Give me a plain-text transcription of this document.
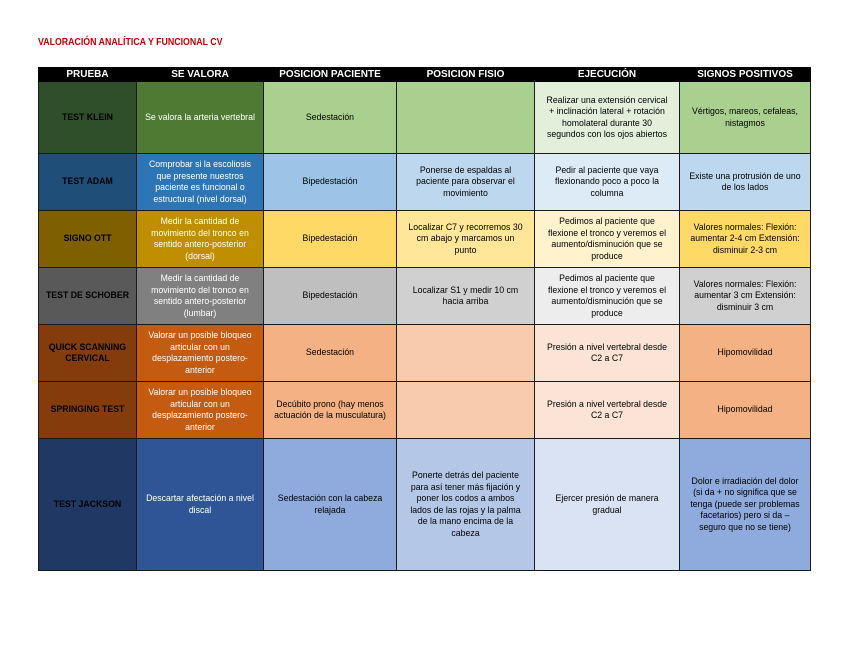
VALORACIÓN ANALÍTICA Y FUNCIONAL CV
PRUEBA	SE VALORA	POSICION PACIENTE	POSICION FISIO	EJECUCIÓN	SIGNOS POSITIVOS

TEST KLEIN	Se valora la arteria vertebral	Sedestación		Realizar una extensión cervical + inclinación lateral + rotación homolateral durante 30 segundos con los ojos abiertos	Vértigos, mareos, cefaleas, nistagmos

TEST ADAM	Comprobar si la escoliosis que presente nuestros paciente es funcional o estructural (nivel dorsal)	Bipedestación	Ponerse de espaldas al paciente para observar el movimiento	Pedir al paciente que vaya flexionando poco a poco la columna	Existe una protrusión de uno de los lados

SIGNO OTT	Medir la cantidad de movimiento del tronco en sentido antero-posterior (dorsal)	Bipedestación	Localizar C7 y recorremos 30 cm abajo y marcamos un punto	Pedimos al paciente que flexione el tronco y veremos el aumento/disminución que se produce	Valores normales: Flexión: aumentar 2-4 cm Extensión: disminuir 2-3 cm

TEST DE SCHOBER	Medir la cantidad de movimiento del tronco en sentido antero-posterior (lumbar)	Bipedestación	Localizar S1 y medir 10 cm hacia arriba	Pedimos al paciente que flexione el tronco y veremos el aumento/disminución que se produce	Valores normales: Flexión: aumentar 3 cm Extensión: disminuir 3 cm

QUICK SCANNING CERVICAL	Valorar un posible bloqueo articular con un desplazamiento postero-anterior	Sedestación		Presión a nivel vertebral desde C2 a C7	Hipomovilidad

SPRINGING TEST	Valorar un posible bloqueo articular con un desplazamiento postero-anterior	Decúbito prono (hay menos actuación de la musculatura)		Presión a nivel vertebral desde C2 a C7	Hipomovilidad

TEST JACKSON	Descartar afectación a nivel discal	Sedestación con la cabeza relajada	Ponerte detrás del paciente para así tener más fijación y poner los codos a ambos lados de las rojas y la palma de la mano encima de la cabeza	Ejercer presión de manera gradual	Dolor e irradiación del dolor (si da + no significa que se tenga (puede ser problemas facetarios) pero si da – seguro que no se tiene)
